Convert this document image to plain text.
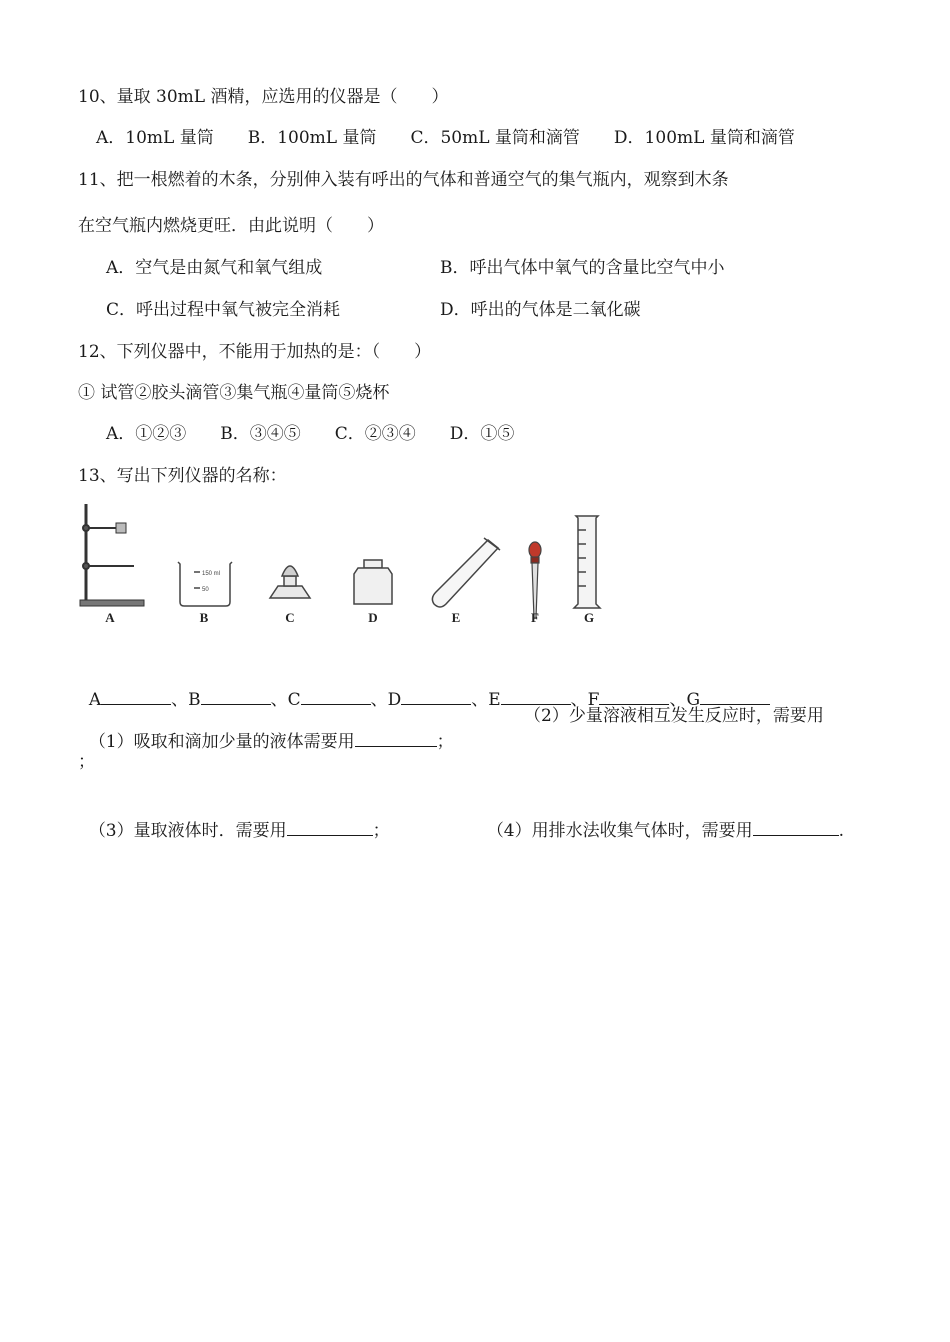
10、量取 30mL 酒精，应选用的仪器是（　　）
A．10mL 量筒　　B．100mL 量筒　　C．50mL 量筒和滴管　　D．100mL 量筒和滴管
11、把一根燃着的木条，分别伸入装有呼出的气体和普通空气的集气瓶内，观察到木条
在空气瓶内燃烧更旺．由此说明（　　）
A．空气是由氮气和氧气组成	B．呼出气体中氧气的含量比空气中小
C．呼出过程中氧气被完全消耗	D．呼出的气体是二氧化碳
12、下列仪器中，不能用于加热的是：（　　）
① 试管②胶头滴管③集气瓶④量筒⑤烧杯
A．①②③　　B．③④⑤　　C．②③④　　D．①⑤
13、写出下列仪器的名称：
A
150 ml
50
B	C	D	E	F	G

A	、B	、C	、D	、E	、F	、G

（1）吸取和滴加少量的液体需要用	；

（2）少量溶液相互发生反应时，需要用
；

（3）量取液体时．需要用	；	（4）用排水法收集气体时，需要用	.
